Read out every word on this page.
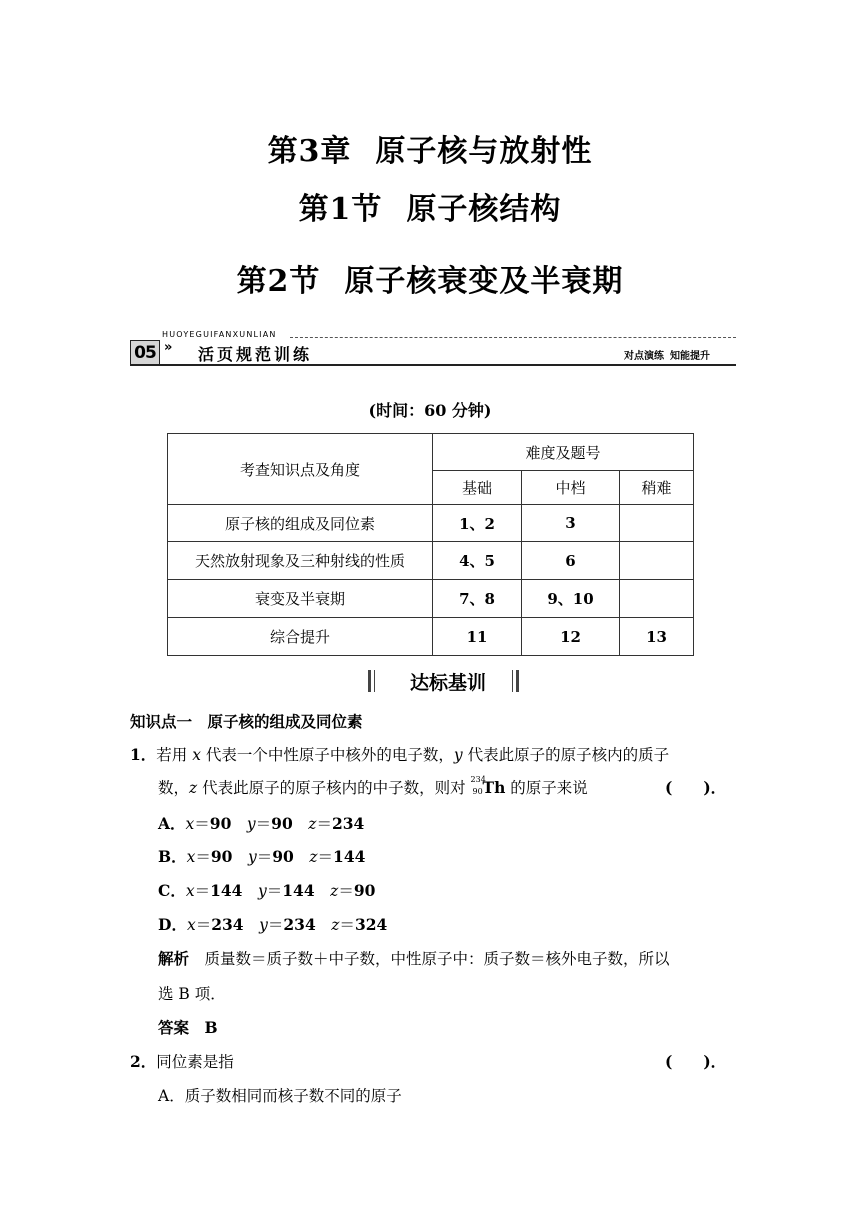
第3章 原子核与放射性
第1节 原子核结构
第2节 原子核衰变及半衰期
HUOYEGUIFANXUNLIAN
05 » 活页规范训练	对点演练 知能提升
(时间：60 分钟)
考查知识点及角度	难度及题号		
	基础	中档	稍难
原子核的组成及同位素	1、2	3	
天然放射现象及三种射线的性质	4、5	6	
衰变及半衰期	7、8	9、10	
综合提升	11	12	13
达标基训
知识点一　原子核的组成及同位素
1．若用 x 代表一个中性原子中核外的电子数，y 代表此原子的原子核内的质子
数，z 代表此原子的原子核内的中子数，则对 234
90 Th 的原子来说	(　　)．
A．x＝90　 y＝90　 z＝234
B．x＝90　 y＝90　 z＝144
C．x＝144　 y＝144　 z＝90
D．x＝234　 y＝234　 z＝324
解析　 质量数＝质子数＋中子数，中性原子中：质子数＝核外电子数，所以
选 B 项．
答案　 B
2．同位素是指	(　　)．
A．质子数相同而核子数不同的原子
